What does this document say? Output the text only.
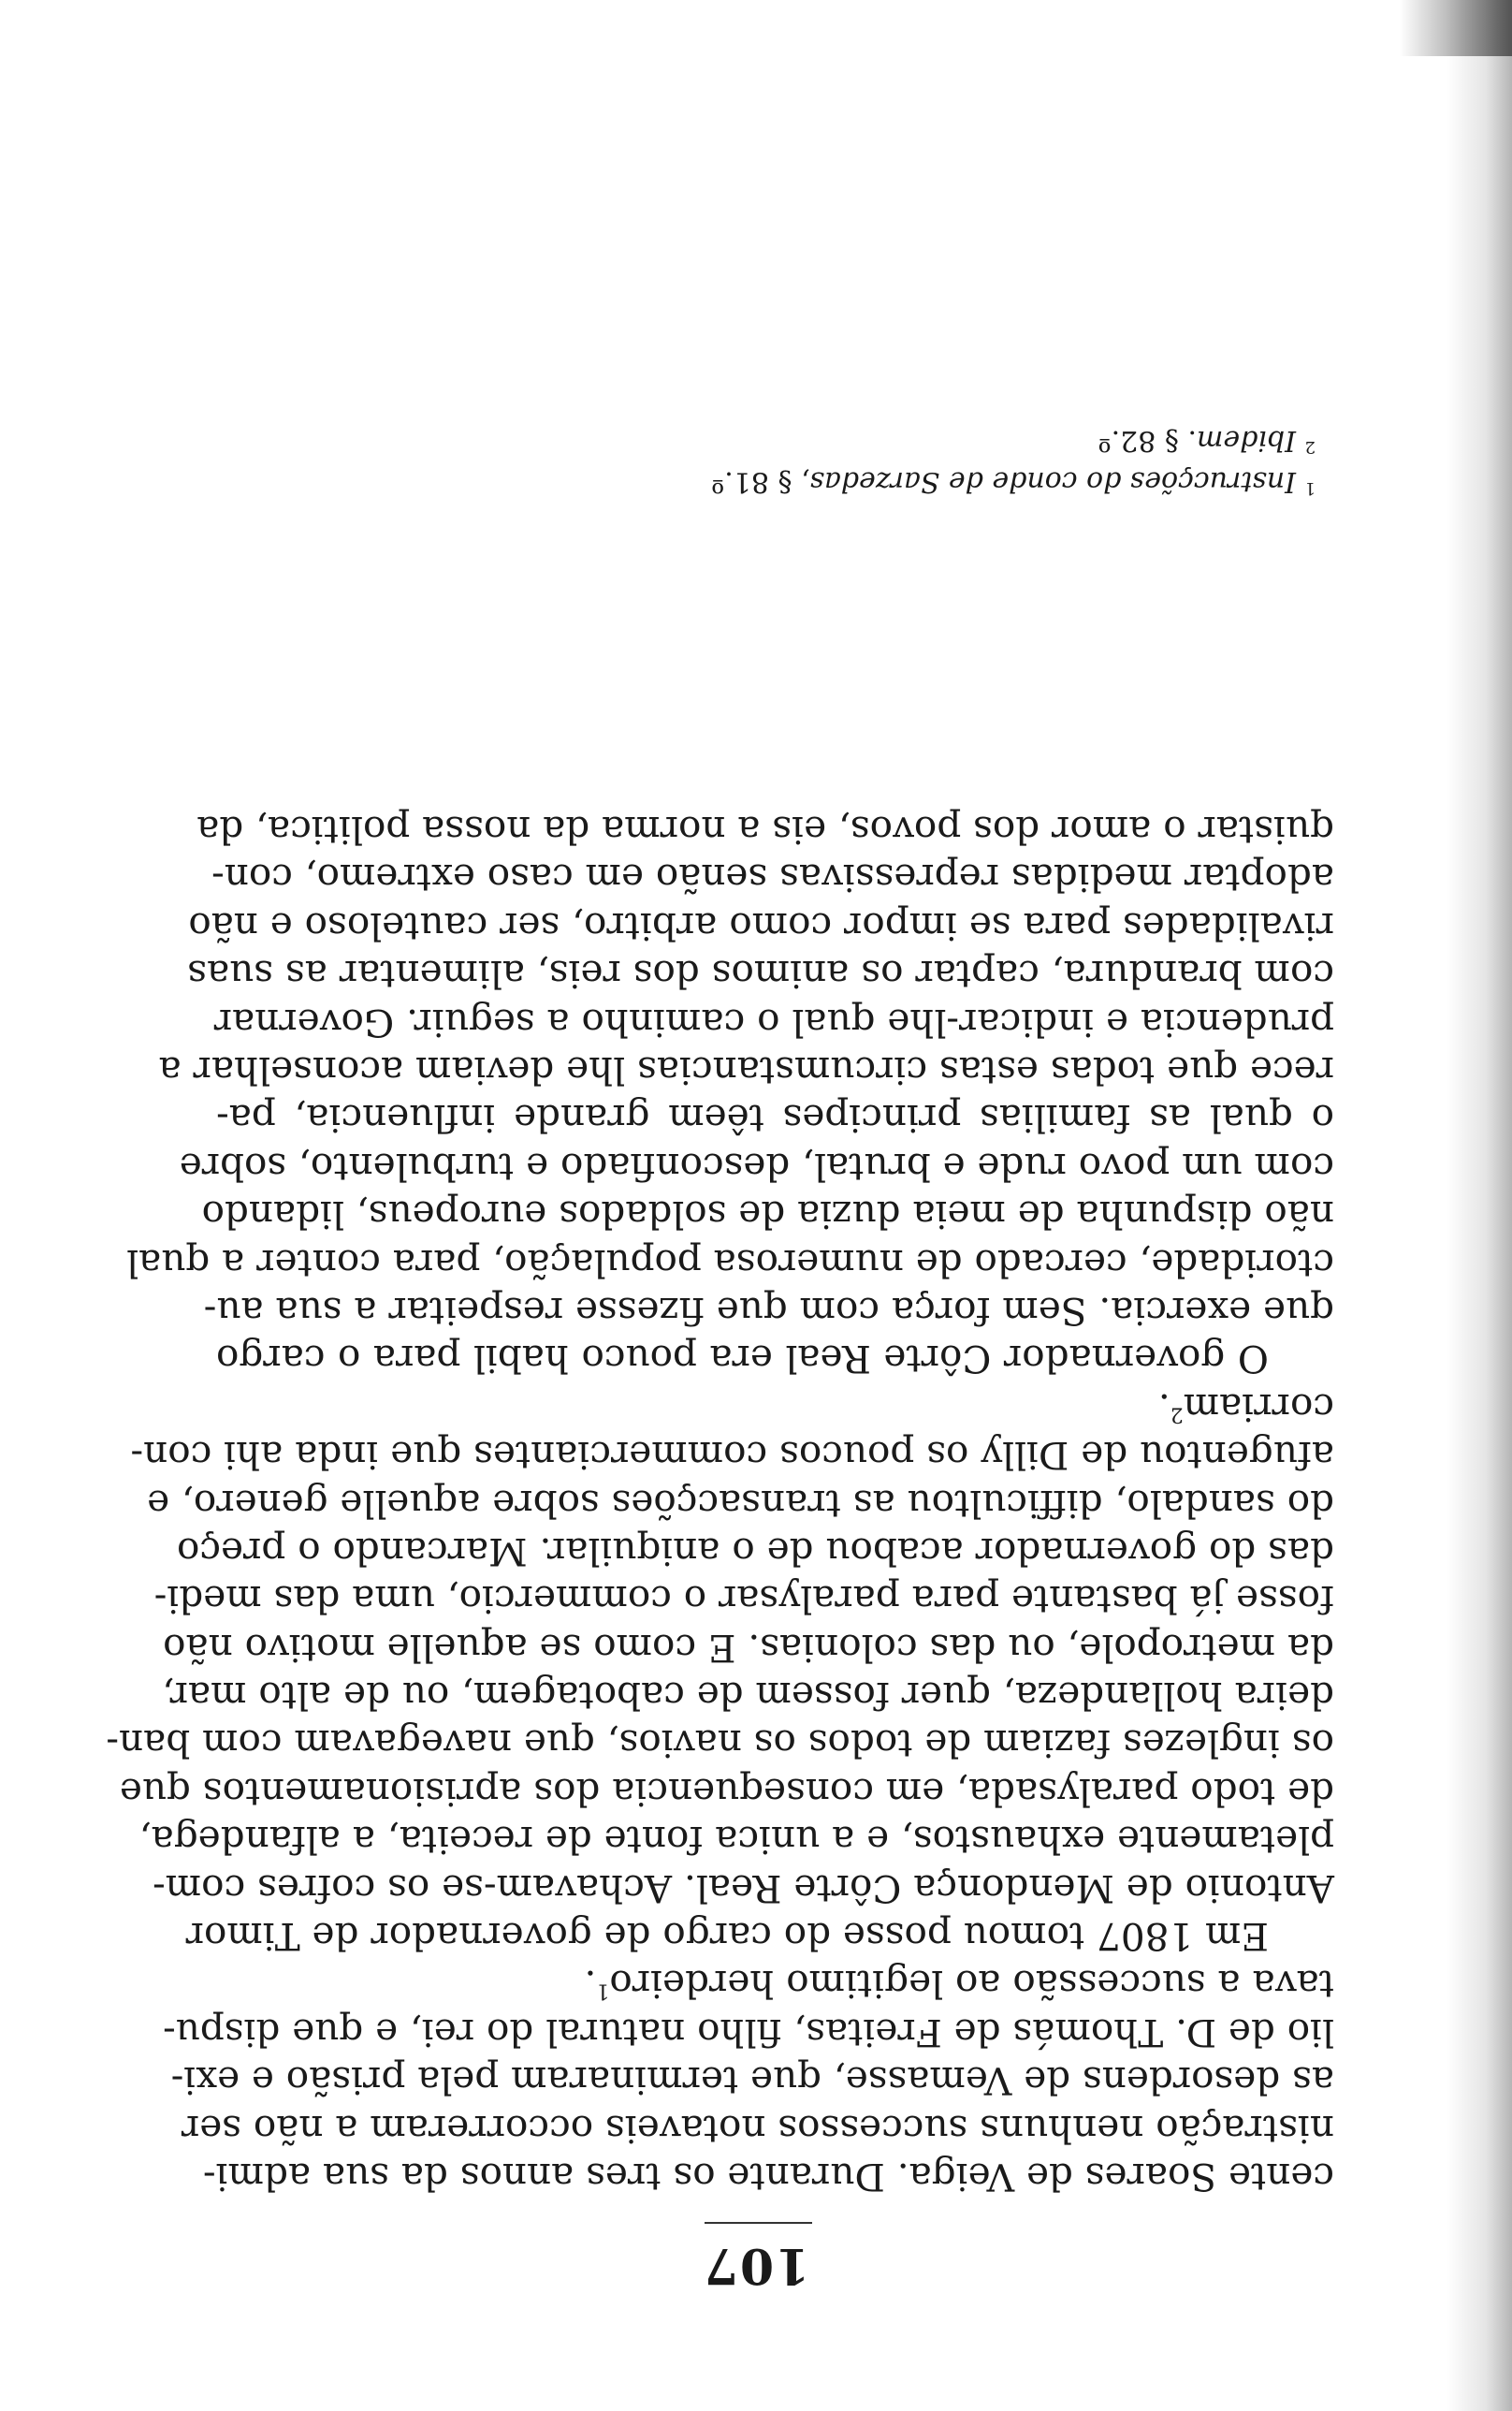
107
cente Soares de Veiga. Durante os tres annos da sua admi-
nistração nenhuns successos notaveis occorreram a não ser
as desordens de Vemasse, que terminaram pela prisão e exi-
lio de D. Thomás de Freitas, filho natural do rei, e que dispu-
tava a successão ao legitimo herdeiro$^1$.
Em 1807 tomou posse do cargo de governador de Timor
Antonio de Mendonça Côrte Real. Achavam-se os cofres com-
pletamente exhaustos, e a unica fonte de receita, a alfandega,
de todo paralysada, em consequencia dos aprisionamentos que
os inglezes faziam de todos os navios, que navegavam com ban-
deira hollandeza, quer fossem de cabotagem, ou de alto mar,
da metropole, ou das colonias. E como se aquelle motivo não
fosse já bastante para paralysar o commercio, uma das medi-
das do governador acabou de o aniquilar. Marcando o preço
do sandalo, difficultou as transacções sobre aquelle genero, e
afugentou de Dilly os poucos commerciantes que inda ahi con-
corriam$^2$.
O governador Côrte Real era pouco habil para o cargo
que exercia. Sem força com que fizesse respeitar a sua au-
ctoridade, cercado de numerosa população, para conter a qual
não dispunha de meia duzia de soldados europeus, lidando
com um povo rude e brutal, desconfiado e turbulento, sobre
o qual as familias principes têem grande influencia, pa-
rece que todas estas circumstancias lhe deviam aconselhar a
prudencia e indicar-lhe qual o caminho a seguir. Governar
com brandura, captar os animos dos reis, alimentar as suas
rivalidades para se impor como arbitro, ser cauteloso e não
adoptar medidas repressivas senão em caso extremo, con-
quistar o amor dos povos, eis a norma da nossa politica, da
$^1$ Instrucções do conde de Sarzedas, § 81.º
$^2$ Ibidem. § 82.º
